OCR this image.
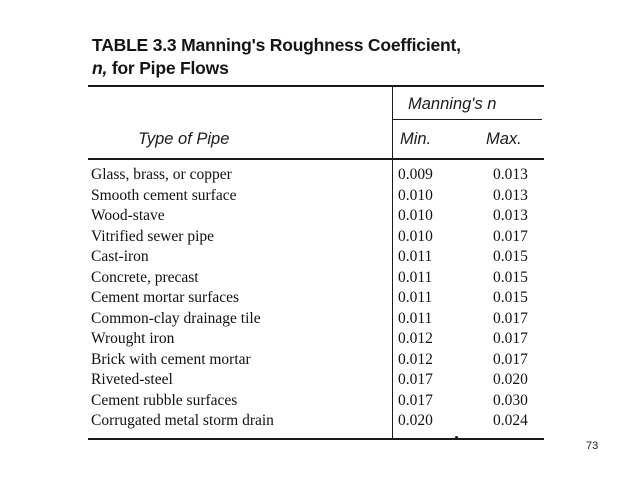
TABLE 3.3 Manning's Roughness Coefficient,
n, for Pipe Flows
Manning's n
Type of Pipe	Min.	Max.
Glass, brass, or copper	0.009	0.013
Smooth cement surface	0.010	0.013
Wood-stave	0.010	0.013
Vitrified sewer pipe	0.010	0.017
Cast-iron	0.011	0.015
Concrete, precast	0.011	0.015
Cement mortar surfaces	0.011	0.015
Common-clay drainage tile	0.011	0.017
Wrought iron	0.012	0.017
Brick with cement mortar	0.012	0.017
Riveted-steel	0.017	0.020
Cement rubble surfaces	0.017	0.030
Corrugated metal storm drain	0.020	0.024
73
